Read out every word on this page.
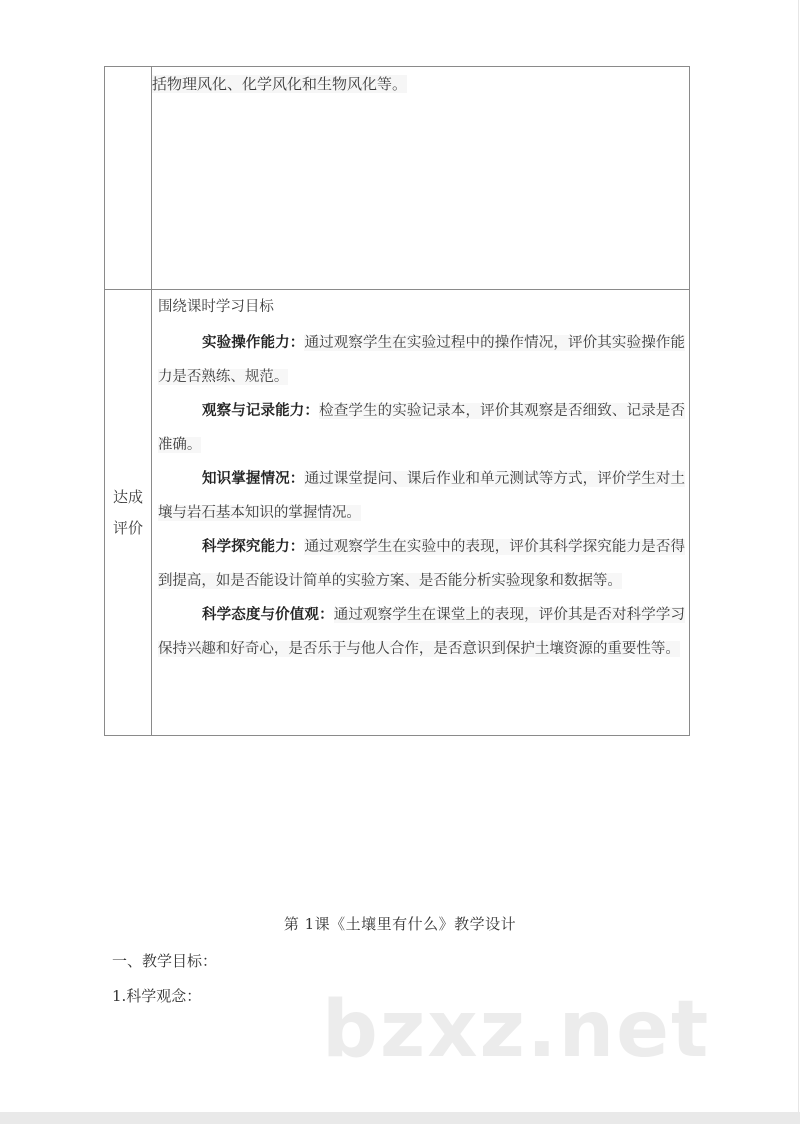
	括物理风化、化学风化和生物风化等。

达成
评价

围绕课时学习目标
实验操作能力：通过观察学生在实验过程中的操作情况，评价其实验操作能力是否熟练、规范。
观察与记录能力：检查学生的实验记录本，评价其观察是否细致、记录是否准确。
知识掌握情况：通过课堂提问、课后作业和单元测试等方式，评价学生对土壤与岩石基本知识的掌握情况。
科学探究能力：通过观察学生在实验中的表现，评价其科学探究能力是否得到提高，如是否能设计简单的实验方案、是否能分析实验现象和数据等。
科学态度与价值观：通过观察学生在课堂上的表现，评价其是否对科学学习保持兴趣和好奇心，是否乐于与他人合作，是否意识到保护土壤资源的重要性等。
第 1课《土壤里有什么》教学设计
一、教学目标：
1.科学观念： bzxz.net
